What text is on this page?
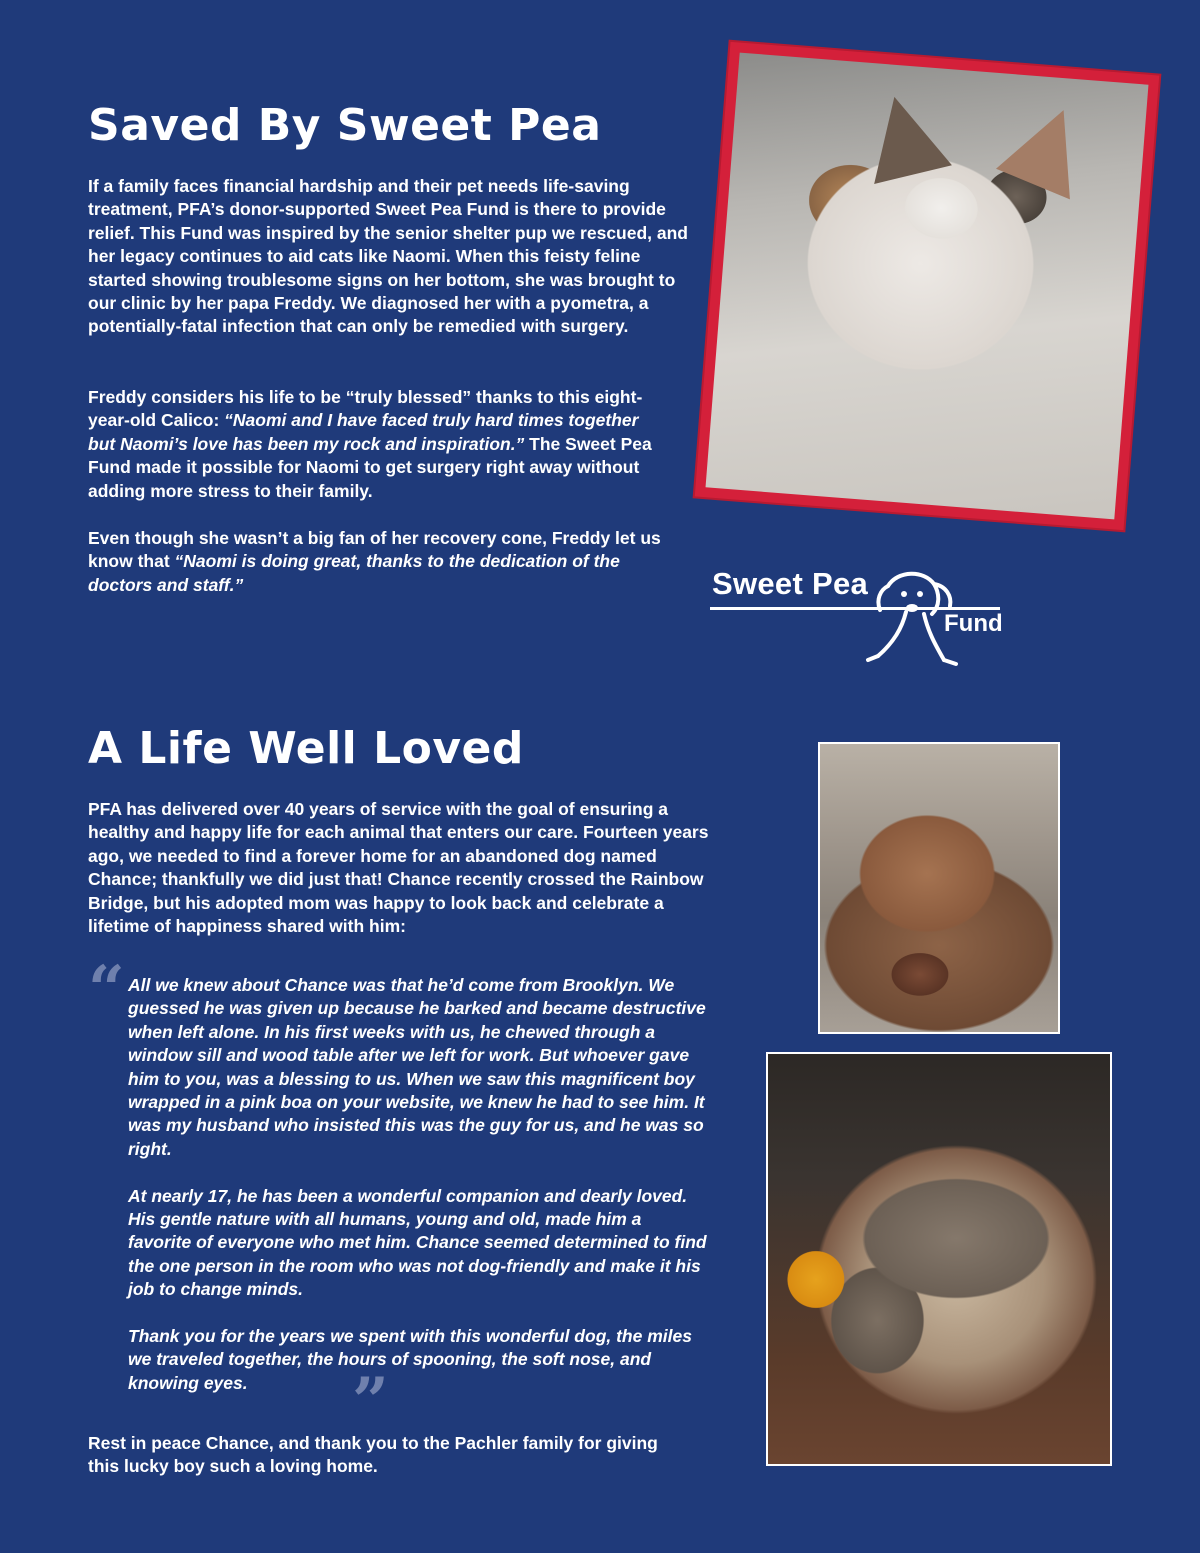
Saved By Sweet Pea

If a family faces financial hardship and their pet needs life-saving treatment, PFA’s donor-supported Sweet Pea Fund is there to provide relief. This Fund was inspired by the senior shelter pup we rescued, and her legacy continues to aid cats like Naomi. When this feisty feline started showing troublesome signs on her bottom, she was brought to our clinic by her papa Freddy. We diagnosed her with a pyometra, a potentially-fatal infection that can only be remedied with surgery.

Freddy considers his life to be “truly blessed” thanks to this eight-year-old Calico: “Naomi and I have faced truly hard times together but Naomi’s love has been my rock and inspiration.” The Sweet Pea Fund made it possible for Naomi to get surgery right away without adding more stress to their family.

Even though she wasn’t a big fan of her recovery cone, Freddy let us know that “Naomi is doing great, thanks to the dedication of the doctors and staff.”	Sweet Pea
Fund
A Life Well Loved

PFA has delivered over 40 years of service with the goal of ensuring a healthy and happy life for each animal that enters our care. Fourteen years ago, we needed to find a forever home for an abandoned dog named Chance; thankfully we did just that! Chance recently crossed the Rainbow Bridge, but his adopted mom was happy to look back and celebrate a lifetime of happiness shared with him:

“ All we knew about Chance was that he’d come from Brooklyn. We guessed he was given up because he barked and became destructive when left alone. In his first weeks with us, he chewed through a window sill and wood table after we left for work. But whoever gave him to you, was a blessing to us. When we saw this magnificent boy wrapped in a pink boa on your website, we knew he had to see him. It was my husband who insisted this was the guy for us, and he was so right.

At nearly 17, he has been a wonderful companion and dearly loved. His gentle nature with all humans, young and old, made him a favorite of everyone who met him. Chance seemed determined to find the one person in the room who was not dog-friendly and make it his job to change minds.

Thank you for the years we spent with this wonderful dog, the miles we traveled together, the hours of spooning, the soft nose, and knowing eyes.	”

Rest in peace Chance, and thank you to the Pachler family for giving this lucky boy such a loving home.
